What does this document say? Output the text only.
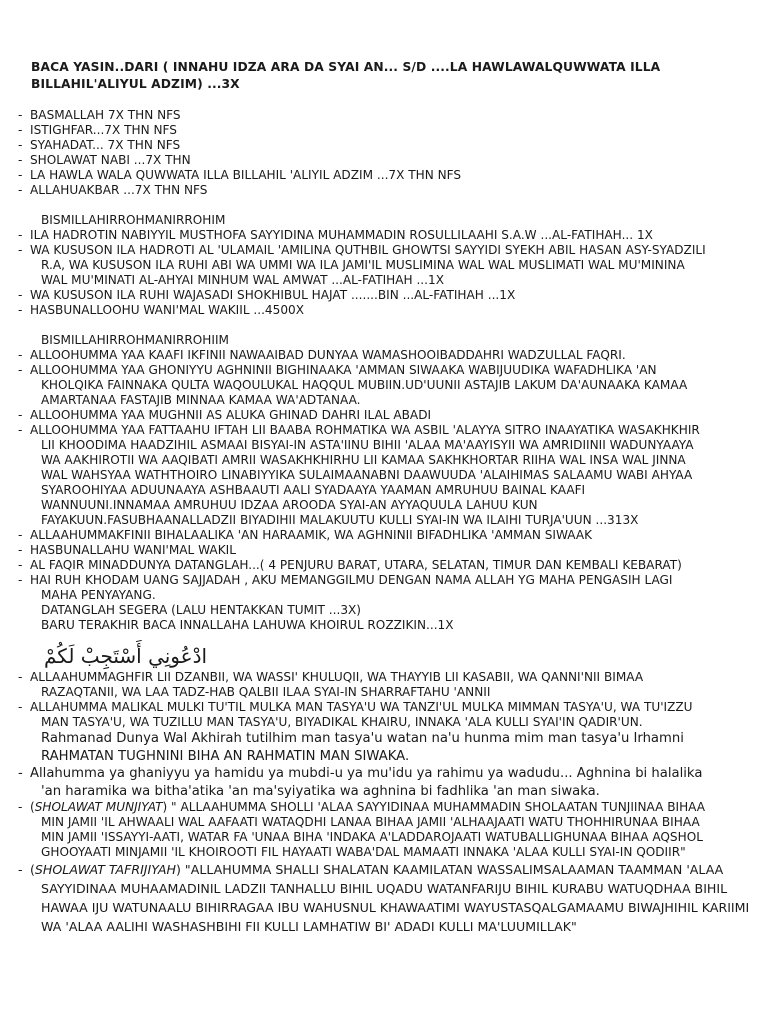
BACA YASIN..DARI ( INNAHU IDZA ARA DA SYAI AN... S/D ....LA HAWLAWALQUWWATA ILLA
BILLAHIL'ALIYUL ADZIM) ...3X
- BASMALLAH 7X THN NFS
- ISTIGHFAR...7X THN NFS
- SYAHADAT... 7X THN NFS
- SHOLAWAT NABI ...7X THN
- LA HAWLA WALA QUWWATA ILLA BILLAHIL 'ALIYIL ADZIM ...7X THN NFS
- ALLAHUAKBAR ...7X THN NFS
BISMILLAHIRROHMANIRROHIM
- ILA HADROTIN NABIYYIL MUSTHOFA SAYYIDINA MUHAMMADIN ROSULLILAAHI S.A.W ...AL-FATIHAH... 1X
- WA KUSUSON ILA HADROTI AL 'ULAMAIL 'AMILINA QUTHBIL GHOWTSI SAYYIDI SYEKH ABIL HASAN ASY-SYADZILI
R.A, WA KUSUSON ILA RUHI ABI WA UMMI WA ILA JAMI'IL MUSLIMINA WAL WAL MUSLIMATI WAL MU'MININA
WAL MU'MINATI AL-AHYAI MINHUM WAL AMWAT ...AL-FATIHAH ...1X
- WA KUSUSON ILA RUHI WAJASADI SHOKHIBUL HAJAT .......BIN ...AL-FATIHAH ...1X
- HASBUNALLOOHU WANI'MAL WAKIIL ...4500X
BISMILLAHIRROHMANIRROHIIM
- ALLOOHUMMA YAA KAAFI IKFINII NAWAAIBAD DUNYAA WAMASHOOIBADDAHRI WADZULLAL FAQRI.
- ALLOOHUMMA YAA GHONIYYU AGHNINII BIGHINAAKA 'AMMAN SIWAAKA WABIJUUDIKA WAFADHLIKA 'AN
KHOLQIKA FAINNAKA QULTA WAQOULUKAL HAQQUL MUBIIN.UD'UUNII ASTAJIB LAKUM DA'AUNAAKA KAMAA
AMARTANAA FASTAJIB MINNAA KAMAA WA'ADTANAA.
- ALLOOHUMMA YAA MUGHNII AS ALUKA GHINAD DAHRI ILAL ABADI
- ALLOOHUMMA YAA FATTAAHU IFTAH LII BAABA ROHMATIKA WA ASBIL 'ALAYYA SITRO INAAYATIKA WASAKHKHIR
LII KHOODIMA HAADZIHIL ASMAAI BISYAI-IN ASTA'IINU BIHII 'ALAA MA'AAYISYII WA AMRIDIINII WADUNYAAYA
WA AAKHIROTII WA AAQIBATI AMRII WASAKHKHIRHU LII KAMAA SAKHKHORTAR RIIHA WAL INSA WAL JINNA
WAL WAHSYAA WATHTHOIRO LINABIYYIKA SULAIMAANABNI DAAWUUDA 'ALAIHIMAS SALAAMU WABI AHYAA
SYAROOHIYAA ADUUNAAYA ASHBAAUTI AALI SYADAAYA YAAMAN AMRUHUU BAINAL KAAFI
WANNUUNI.INNAMAA AMRUHUU IDZAA AROODA SYAI-AN AYYAQUULA LAHUU KUN
FAYAKUUN.FASUBHAANALLADZII BIYADIHII MALAKUUTU KULLI SYAI-IN WA ILAIHI TURJA'UUN ...313X
- ALLAAHUMMAKFINII BIHALAALIKA 'AN HARAAMIK, WA AGHNINII BIFADHLIKA 'AMMAN SIWAAK
- HASBUNALLAHU WANI'MAL WAKIL
- AL FAQIR MINADDUNYA DATANGLAH...( 4 PENJURU BARAT, UTARA, SELATAN, TIMUR DAN KEMBALI KEBARAT)
- HAI RUH KHODAM UANG SAJJADAH , AKU MEMANGGILMU DENGAN NAMA ALLAH YG MAHA PENGASIH LAGI
MAHA PENYAYANG.
DATANGLAH SEGERA (LALU HENTAKKAN TUMIT ...3X)
BARU TERAKHIR BACA INNALLAHA LAHUWA KHOIRUL ROZZIKIN...1X
ادْعُونِي أَسْتَجِبْ لَكُمْ
- ALLAAHUMMAGHFIR LII DZANBII, WA WASSI' KHULUQII, WA THAYYIB LII KASABII, WA QANNI'NII BIMAA
RAZAQTANII, WA LAA TADZ-HAB QALBII ILAA SYAI-IN SHARRAFTAHU 'ANNII
- ALLAHUMMA MALIKAL MULKI TU'TIL MULKA MAN TASYA'U WA TANZI'UL MULKA MIMMAN TASYA'U, WA TU'IZZU
MAN TASYA'U, WA TUZILLU MAN TASYA'U, BIYADIKAL KHAIRU, INNAKA 'ALA KULLI SYAI'IN QADIR'UN.
Rahmanad Dunya Wal Akhirah tutilhim man tasya'u watan na'u hunma mim man tasya'u Irhamni
RAHMATAN TUGHNINI BIHA AN RAHMATIN MAN SIWAKA.
- Allahumma ya ghaniyyu ya hamidu ya mubdi-u ya mu'idu ya rahimu ya wadudu... Aghnina bi halalika
'an haramika wa bitha'atika 'an ma'syiyatika wa aghnina bi fadhlika 'an man siwaka.
- (SHOLAWAT MUNJIYAT) " ALLAAHUMMA SHOLLI 'ALAA SAYYIDINAA MUHAMMADIN SHOLAATAN TUNJIINAA BIHAA
MIN JAMII 'IL AHWAALI WAL AAFAATI WATAQDHI LANAA BIHAA JAMII 'ALHAAJAATI WATU THOHHIRUNAA BIHAA
MIN JAMII 'ISSAYYI-AATI, WATAR FA 'UNAA BIHA 'INDAKA A'LADDAROJAATI WATUBALLIGHUNAA BIHAA AQSHOL
GHOOYAATI MINJAMII 'IL KHOIROOTI FIL HAYAATI WABA'DAL MAMAATI INNAKA 'ALAA KULLI SYAI-IN QODIIR"
- (SHOLAWAT TAFRIJIYAH) "ALLAHUMMA SHALLI SHALATAN KAAMILATAN WASSALIMSALAAMAN TAAMMAN 'ALAA
SAYYIDINAA MUHAAMADINIL LADZII TANHALLU BIHIL UQADU WATANFARIJU BIHIL KURABU WATUQDHAA BIHIL
HAWAA IJU WATUNAALU BIHIRRAGAA IBU WAHUSNUL KHAWAATIMI WAYUSTASQALGAMAAMU BIWAJHIHIL KARIIMI
WA 'ALAA AALIHI WASHASHBIHI FII KULLI LAMHATIW BI' ADADI KULLI MA'LUUMILLAK"
